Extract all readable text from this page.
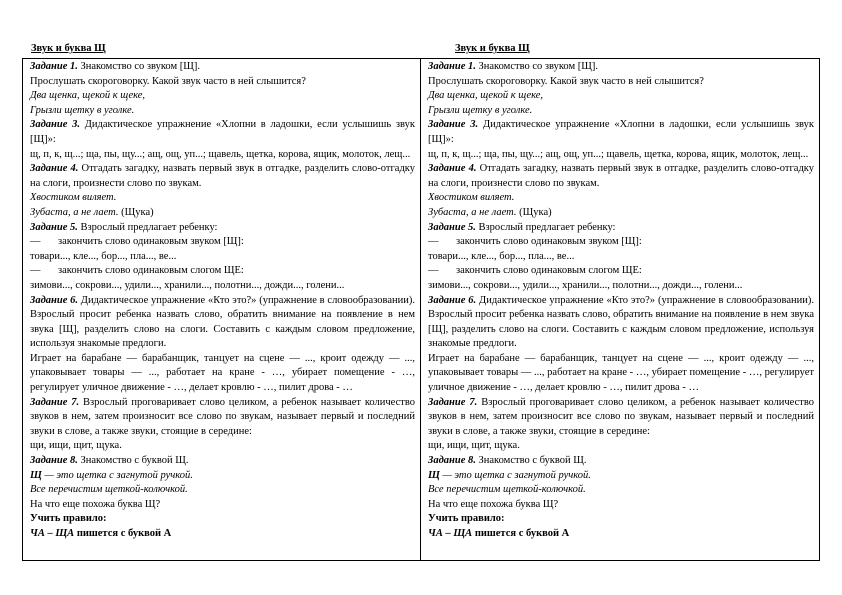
Звук и буква Щ	Звук и буква Щ

Задание 1. Знакомство со звуком [Щ].

Прослушать скороговорку. Какой звук часто в ней слышится?

Два щенка, щекой к щеке,

Грызли щетку в уголке.

Задание 3. Дидактическое упражнение «Хлопни в ладошки, если услышишь звук [Щ]»:

щ, п, к, щ...; ща, пы, щу...; ащ, ощ, уп...; щавель, щетка, корова, ящик, молоток, лещ...

Задание 4. Отгадать загадку, назвать первый звук в отгадке, разделить слово-отгадку на слоги, произнести слово по звукам.

Хвостиком виляет.

Зубаста, а не лает. (Щука)

Задание 5. Взрослый предлагает ребенку:

— закончить слово одинаковым звуком [Щ]:

товари..., кле..., бор..., пла..., ве...

— закончить слово одинаковым слогом ЩЕ:

зимови..., сокрови..., удили..., хранили..., полотни..., дожди..., голени...

Задание 6. Дидактическое упражнение «Кто это?» (упражнение в словообразовании). Взрослый просит ребенка назвать слово, обратить внимание на появление в нем звука [Щ], разделить слово на слоги. Составить с каждым словом предложение, используя знакомые предлоги.

Играет на барабане — барабанщик, танцует на сцене — ..., кроит одежду — ..., упаковывает товары — ..., работает на кране - …, убирает помещение - …, регулирует уличное движение - …, делает кровлю - …, пилит дрова - …

Задание 7. Взрослый проговаривает слово целиком, а ребенок называет количество звуков в нем, затем произносит все слово по звукам, называет первый и последний звуки в слове, а также звуки, стоящие в середине:

щи, ищи, щит, щука.

Задание 8. Знакомство с буквой Щ.

Щ — это щетка с загнутой ручкой.

Все перечистим щеткой-колючкой.

На что еще похожа буква Щ?

Учить правило:

ЧА – ЩА пишется с буквой А

Задание 1. Знакомство со звуком [Щ].

Прослушать скороговорку. Какой звук часто в ней слышится?

Два щенка, щекой к щеке,

Грызли щетку в уголке.

Задание 3. Дидактическое упражнение «Хлопни в ладошки, если услышишь звук [Щ]»:

щ, п, к, щ...; ща, пы, щу...; ащ, ощ, уп...; щавель, щетка, корова, ящик, молоток, лещ...

Задание 4. Отгадать загадку, назвать первый звук в отгадке, разделить слово-отгадку на слоги, произнести слово по звукам.

Хвостиком виляет.

Зубаста, а не лает. (Щука)

Задание 5. Взрослый предлагает ребенку:

— закончить слово одинаковым звуком [Щ]:

товари..., кле..., бор..., пла..., ве...

— закончить слово одинаковым слогом ЩЕ:

зимови..., сокрови..., удили..., хранили..., полотни..., дожди..., голени...

Задание 6. Дидактическое упражнение «Кто это?» (упражнение в словообразовании). Взрослый просит ребенка назвать слово, обратить внимание на появление в нем звука [Щ], разделить слово на слоги. Составить с каждым словом предложение, используя знакомые предлоги.

Играет на барабане — барабанщик, танцует на сцене — ..., кроит одежду — ..., упаковывает товары — ..., работает на кране - …, убирает помещение - …, регулирует уличное движение - …, делает кровлю - …, пилит дрова - …

Задание 7. Взрослый проговаривает слово целиком, а ребенок называет количество звуков в нем, затем произносит все слово по звукам, называет первый и последний звуки в слове, а также звуки, стоящие в середине:

щи, ищи, щит, щука.

Задание 8. Знакомство с буквой Щ.

Щ — это щетка с загнутой ручкой.

Все перечистим щеткой-колючкой.

На что еще похожа буква Щ?

Учить правило:

ЧА – ЩА пишется с буквой А
